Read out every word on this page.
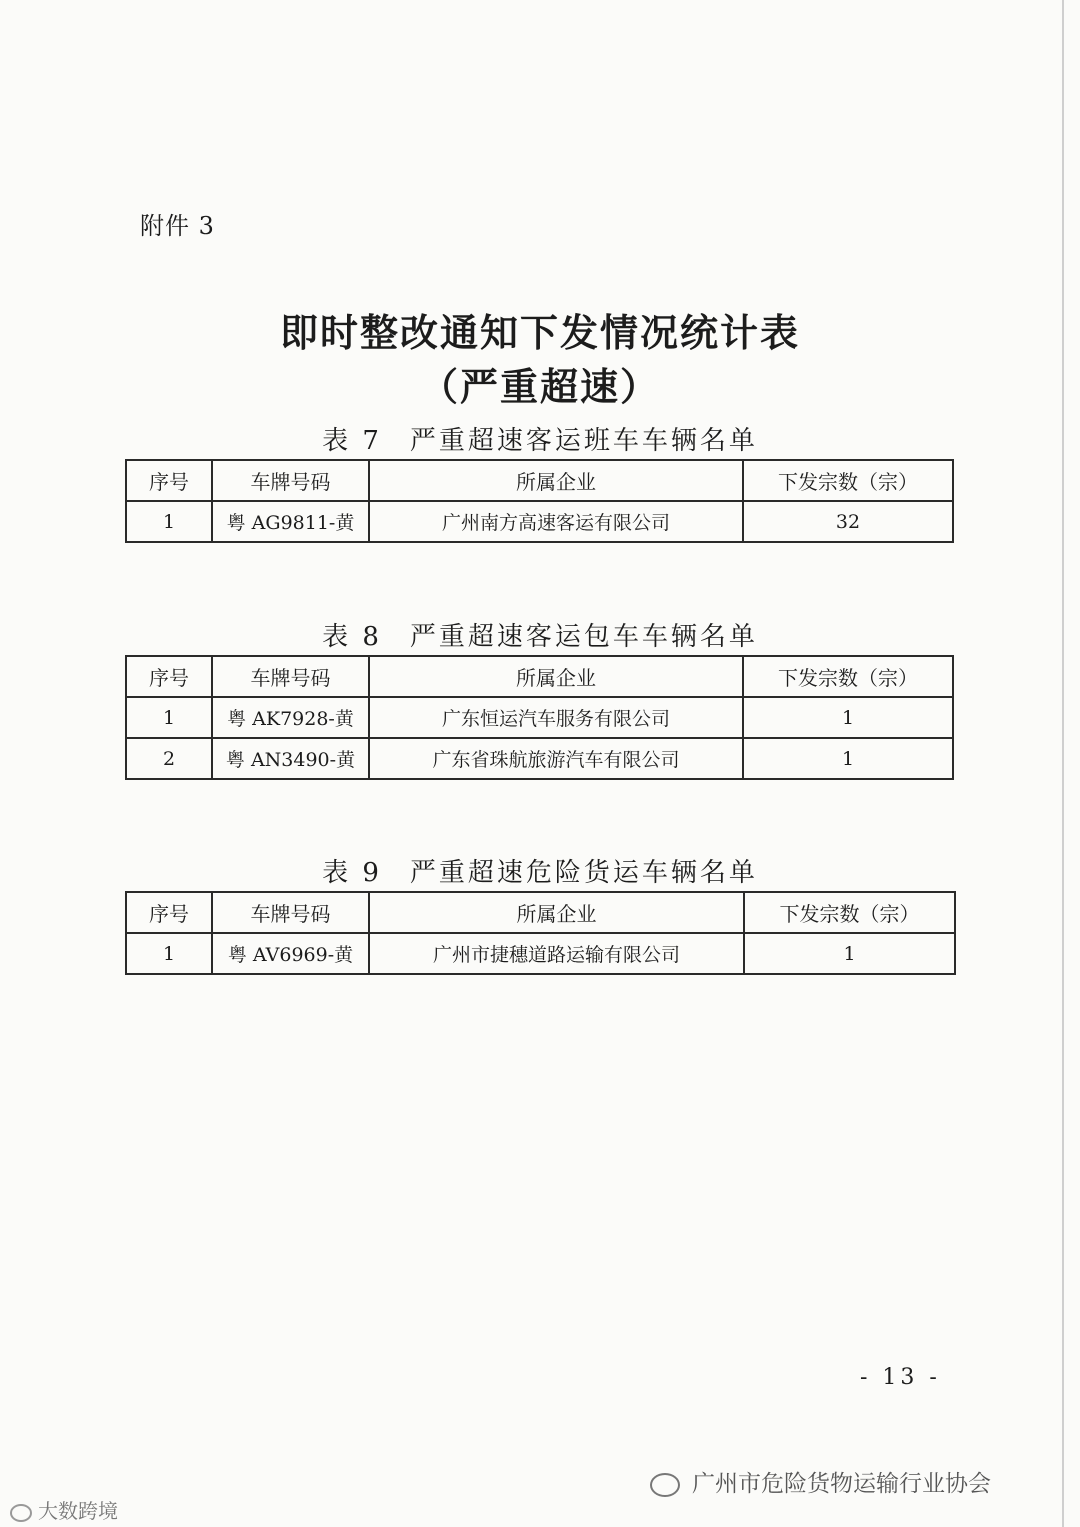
附件 3
即时整改通知下发情况统计表
（严重超速）
表 7 严重超速客运班车车辆名单
序号	车牌号码	所属企业	下发宗数（宗）
1	粤 AG9811-黄	广州南方高速客运有限公司	32
表 8 严重超速客运包车车辆名单
序号	车牌号码	所属企业	下发宗数（宗）
1	粤 AK7928-黄	广东恒运汽车服务有限公司	1
2	粤 AN3490-黄	广东省珠航旅游汽车有限公司	1
表 9 严重超速危险货运车辆名单
序号	车牌号码	所属企业	下发宗数（宗）
1	粤 AV6969-黄	广州市捷穗道路运输有限公司	1
- 13 -
广州市危险货物运输行业协会
大数跨境
